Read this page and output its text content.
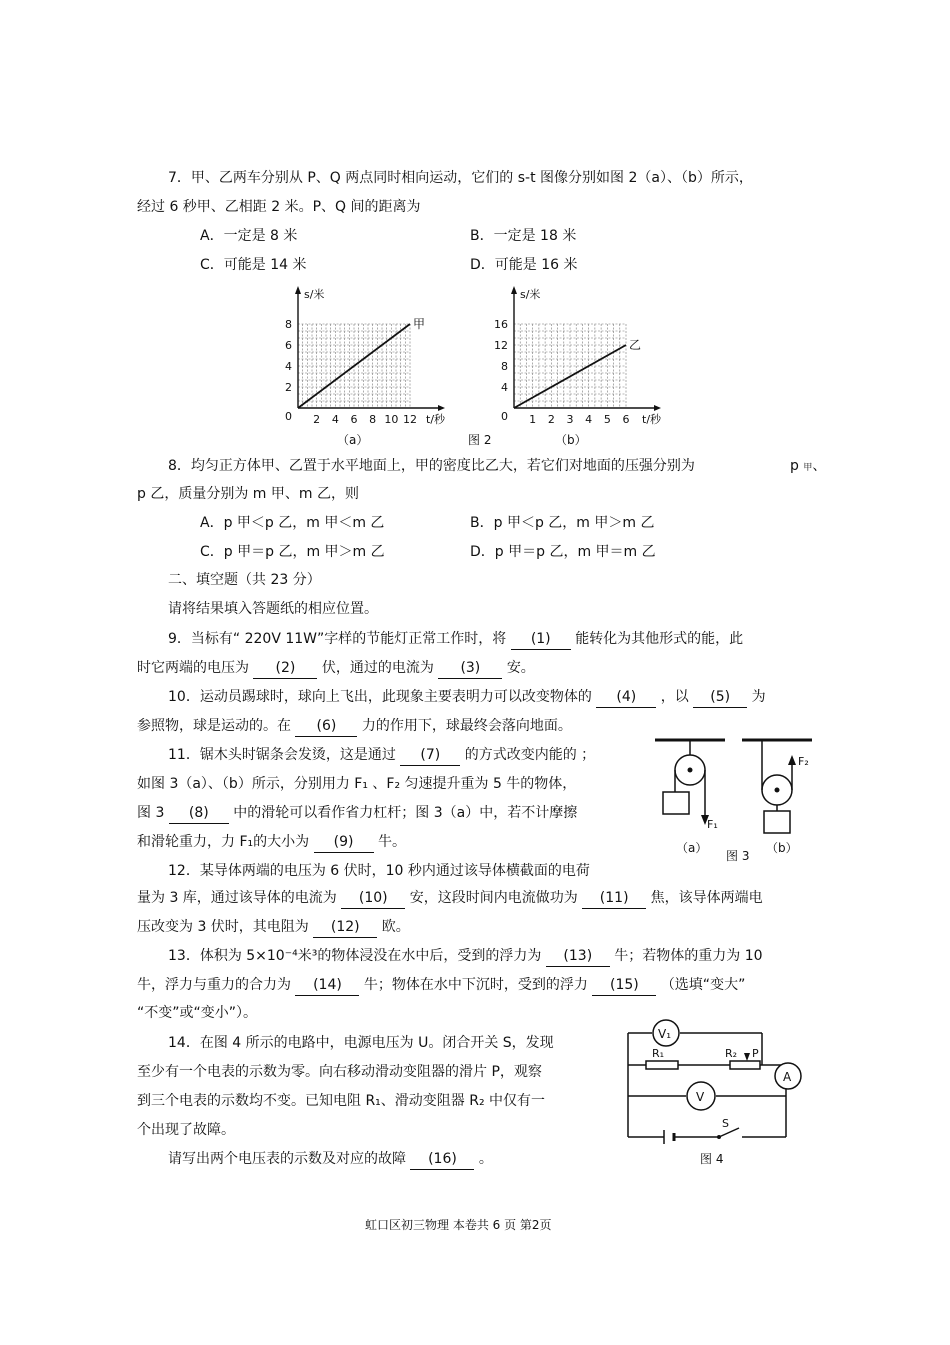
7．甲、乙两车分别从 P、Q 两点同时相向运动，它们的 s-t 图像分别如图 2（a）、（b）所示，
经过 6 秒甲、乙相距 2 米。P、Q 间的距离为
A．一定是 8 米	B．一定是 18 米
C．可能是 14 米	D．可能是 16 米
8
6
4
2
2 4 6 8 10 12
0
s/米
t/秒
甲	16
12
8
4
1 2 3 4 5 6
0
s/米
t/秒
乙
（a）	图 2	（b）
8．均匀正方体甲、乙置于水平地面上，甲的密度比乙大，若它们对地面的压强分别为	p 甲、
p 乙，质量分别为 m 甲、m 乙，则
A．p 甲＜p 乙，m 甲＜m 乙	B．p 甲＜p 乙，m 甲＞m 乙
C．p 甲＝p 乙，m 甲＞m 乙	D．p 甲＝p 乙，m 甲＝m 乙
二、填空题（共 23 分）
请将结果填入答题纸的相应位置。
9．当标有“ 220V 11W”字样的节能灯正常工作时，将 (1) 能转化为其他形式的能，此
时它两端的电压为 (2) 伏，通过的电流为 (3) 安。
10．运动员踢球时，球向上飞出，此现象主要表明力可以改变物体的 (4) ，以 (5) 为
参照物，球是运动的。在 (6) 力的作用下，球最终会落向地面。
11．锯木头时锯条会发烫，这是通过 (7) 的方式改变内能的 ；
如图 3（a）、（b）所示，分别用力 F₁ 、F₂ 匀速提升重为 5 牛的物体，
图 3 (8) 中的滑轮可以看作省力杠杆；图 3（a）中，若不计摩擦
和滑轮重力，力 F₁的大小为 (9) 牛。
F₁
F₂
（a）
图 3
（b）
12．某导体两端的电压为 6 伏时，10 秒内通过该导体横截面的电荷
量为 3 库，通过该导体的电流为 (10) 安，这段时间内电流做功为 (11) 焦，该导体两端电
压改变为 3 伏时，其电阻为 (12) 欧。
13．体积为 5×10⁻⁴米³的物体浸没在水中后，受到的浮力为 (13) 牛；若物体的重力为 10
牛，浮力与重力的合力为 (14) 牛；物体在水中下沉时，受到的浮力 (15) （选填“变大”
“不变”或“变小”）。
14．在图 4 所示的电路中，电源电压为 U。闭合开关 S，发现
至少有一个电表的示数为零。向右移动滑动变阻器的滑片 P，观察
到三个电表的示数均不变。已知电阻 R₁、滑动变阻器 R₂ 中仅有一
个出现了故障。
请写出两个电压表的示数及对应的故障 (16) 。
V₁
R₁	R₂ P
A
V
S
图 4
虹口区初三物理 本卷共 6 页 第2页
